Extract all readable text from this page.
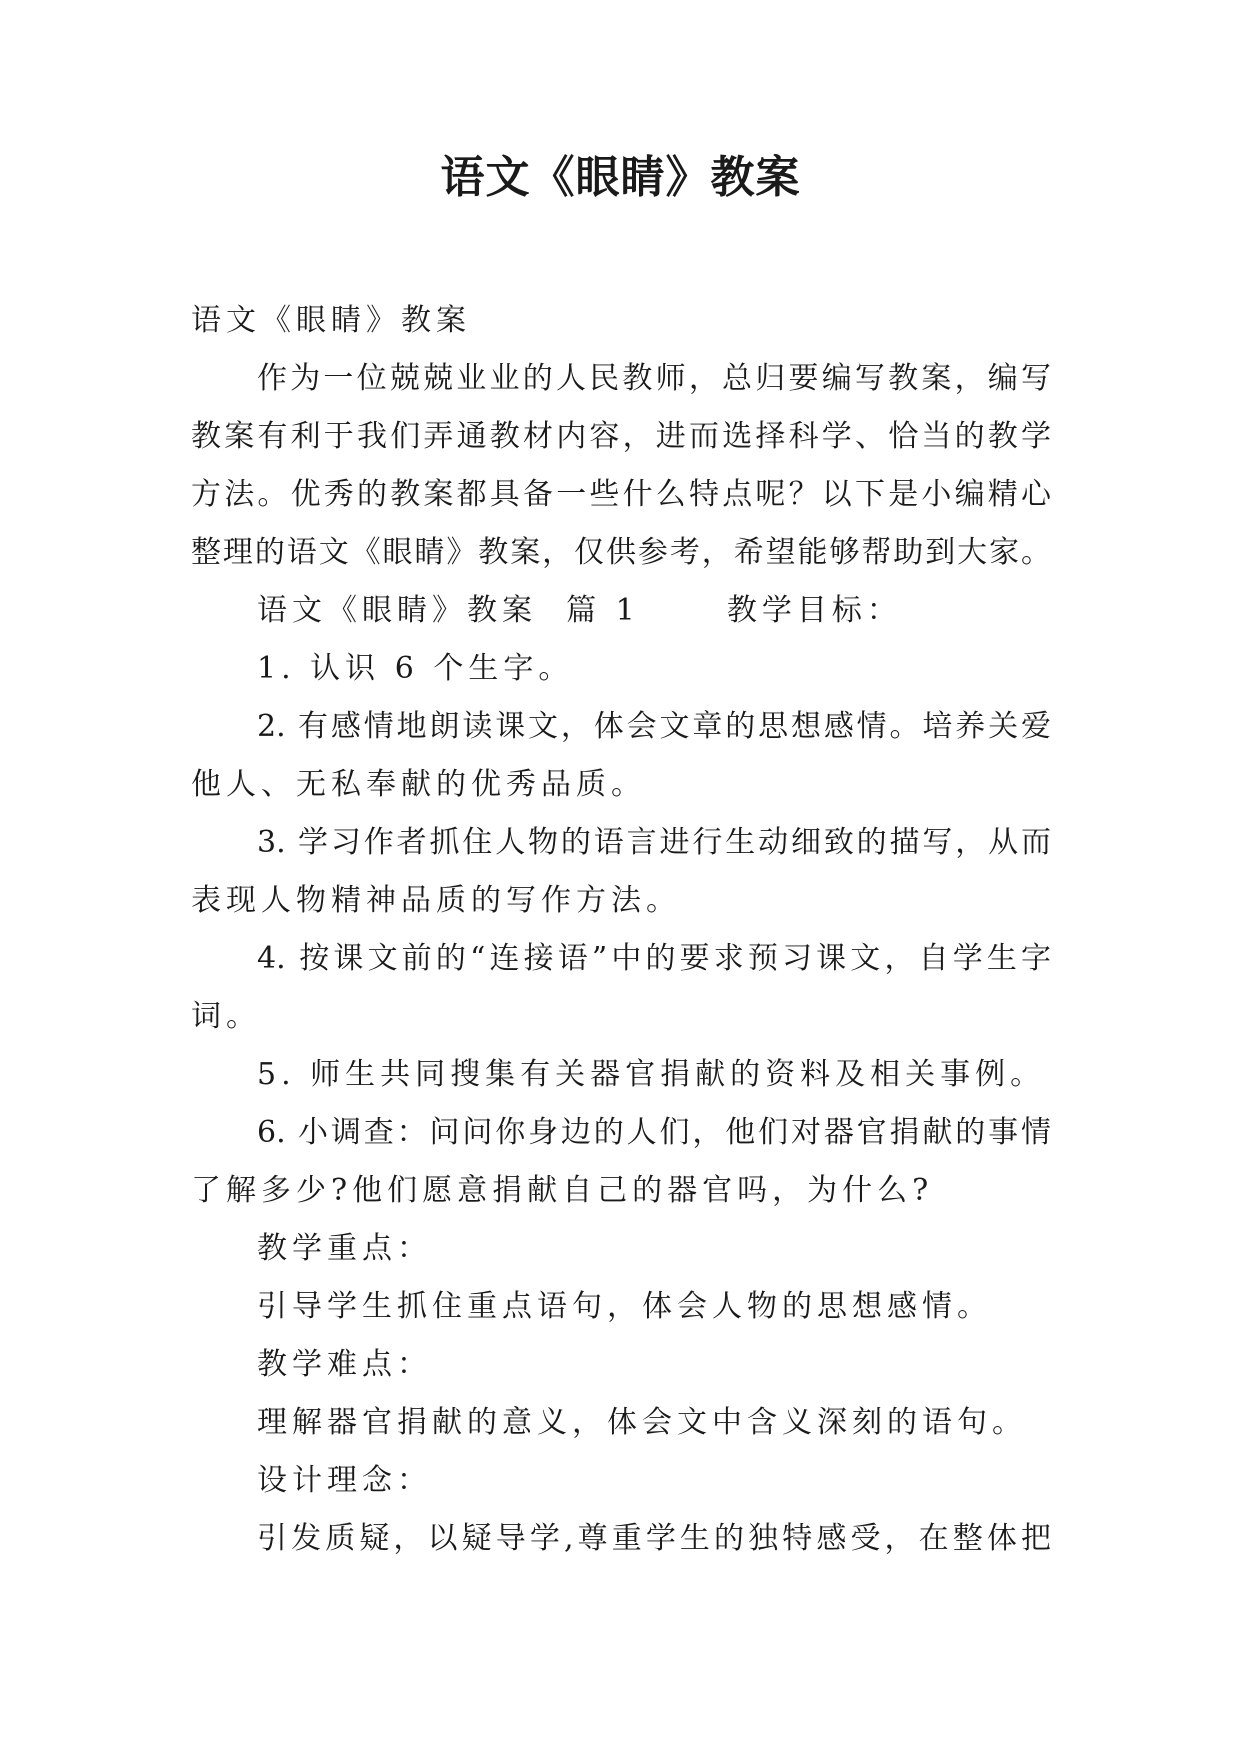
语文《眼睛》教案

语文《眼睛》教案

作为一位兢兢业业的人民教师，总归要编写教案，编写

教案有利于我们弄通教材内容，进而选择科学、恰当的教学

方法。优秀的教案都具备一些什么特点呢？以下是小编精心

整理的语文《眼睛》教案，仅供参考，希望能够帮助到大家。

语文《眼睛》教案  篇 1      教学目标：

1. 认识 6 个生字。

2. 有感情地朗读课文，体会文章的思想感情。培养关爱

他人、无私奉献的优秀品质。

3. 学习作者抓住人物的语言进行生动细致的描写，从而

表现人物精神品质的写作方法。

4. 按课文前的“连接语”中的要求预习课文，自学生字

词。

5. 师生共同搜集有关器官捐献的资料及相关事例。

6. 小调查：问问你身边的人们，他们对器官捐献的事情

了解多少?他们愿意捐献自己的器官吗，为什么?

教学重点：

引导学生抓住重点语句，体会人物的思想感情。

教学难点：

理解器官捐献的意义，体会文中含义深刻的语句。

设计理念：

引发质疑，以疑导学,尊重学生的独特感受，在整体把
